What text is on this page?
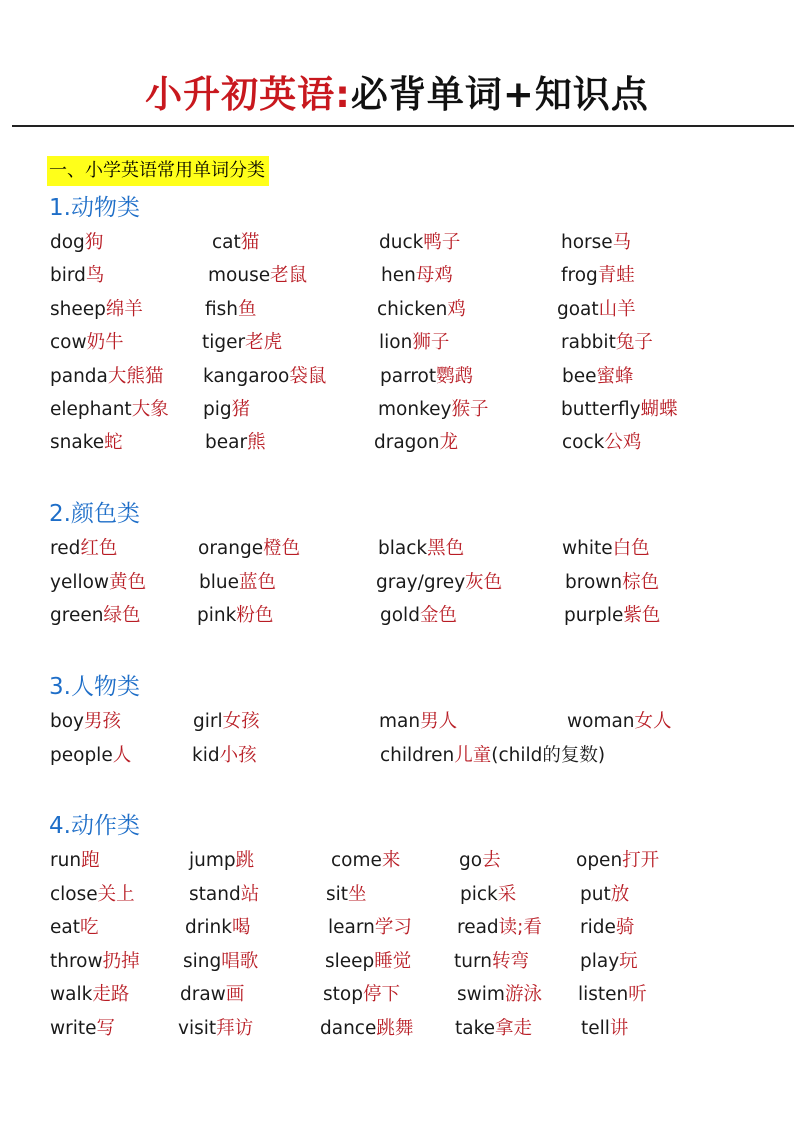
小升初英语:必背单词+知识点
一、小学英语常用单词分类
1.动物类
2.颜色类
3.人物类
4.动作类
dog狗	cat猫	duck鸭子	horse马
bird鸟	mouse老鼠	hen母鸡	frog青蛙
sheep绵羊	fish鱼	chicken鸡	goat山羊
cow奶牛	tiger老虎	lion狮子	rabbit兔子
panda大熊猫 kangaroo袋鼠	parrot鹦鹉	bee蜜蜂
elephant大象 pig猪	monkey猴子	butterfly蝴蝶
snake蛇	bear熊	dragon龙	cock公鸡
red红色	orange橙色	black黑色	white白色
yellow黄色	blue蓝色	gray/grey灰色	brown棕色
green绿色	pink粉色	gold金色	purple紫色
boy男孩	girl女孩	man男人	woman女人
people人	kid小孩	children儿童(child的复数)
run跑	jump跳	come来	go去	open打开
close关上	stand站	sit坐	pick采	put放
eat吃	drink喝	learn学习 read读;看 ride骑
throw扔掉 sing唱歌	sleep睡觉 turn转弯	play玩
walk走路	draw画	stop停下	swim游泳 listen听
write写	visit拜访	dance跳舞 take拿走	tell讲
